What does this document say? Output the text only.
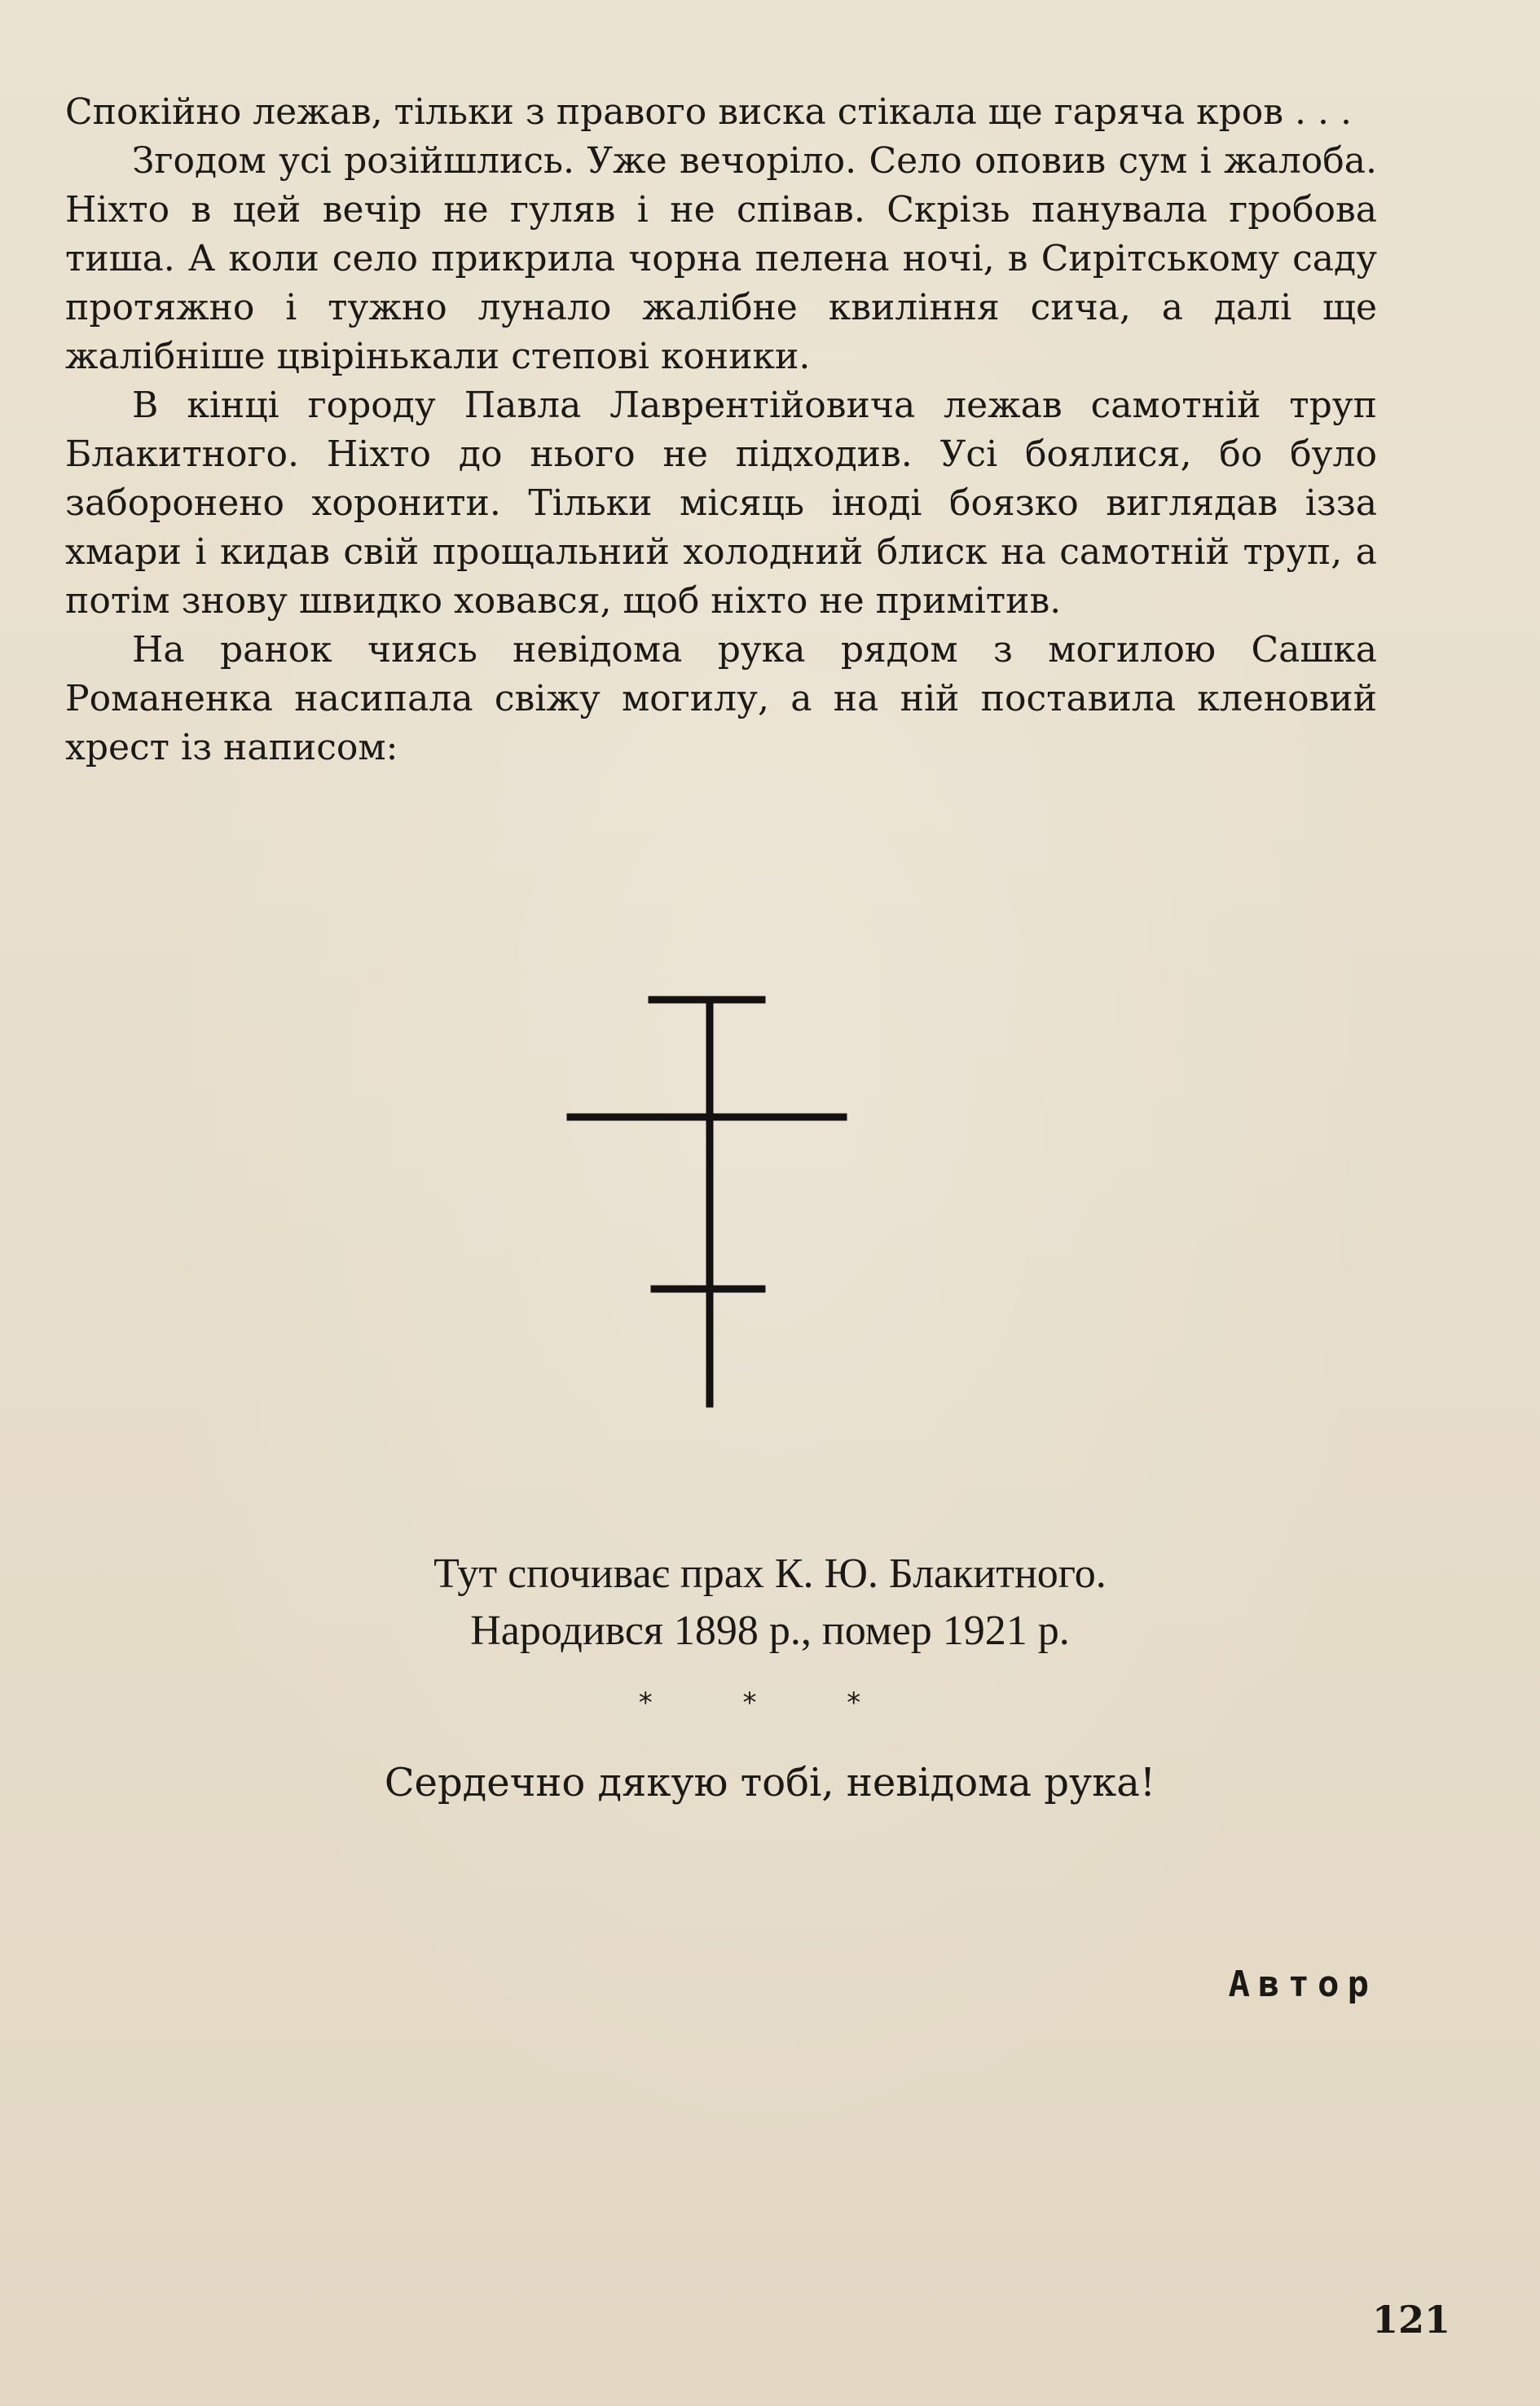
Спокійно лежав, тільки з правого виска стікала ще гаряча кров . . .

Згодом усі розійшлись. Уже вечоріло. Село оповив сум і жалоба. Ніхто в цей вечір не гуляв і не співав. Скрізь панувала гробова тиша. А коли село прикрила чорна пелена ночі, в Сирітському саду протяжно і тужно лунало жалібне квиління сича, а далі ще жалібніше цвірінькали степові коники.

В кінці городу Павла Лаврентійовича лежав самотній труп Блакитного. Ніхто до нього не підходив. Усі боялися, бо було заборонено хоронити. Тільки місяць іноді боязко виглядав ізза хмари і кидав свій прощальний холодний блиск на самотній труп, а потім знову швидко ховався, щоб ніхто не примітив.

На ранок чиясь невідома рука рядом з могилою Сашка Романенка насипала свіжу могилу, а на ній поставила кленовий хрест із написом:

Тут спочиває прах К. Ю. Блакитного.
Народився 1898 р., помер 1921 р.
* * *
Сердечно дякую тобі, невідома рука!
Автор
121
